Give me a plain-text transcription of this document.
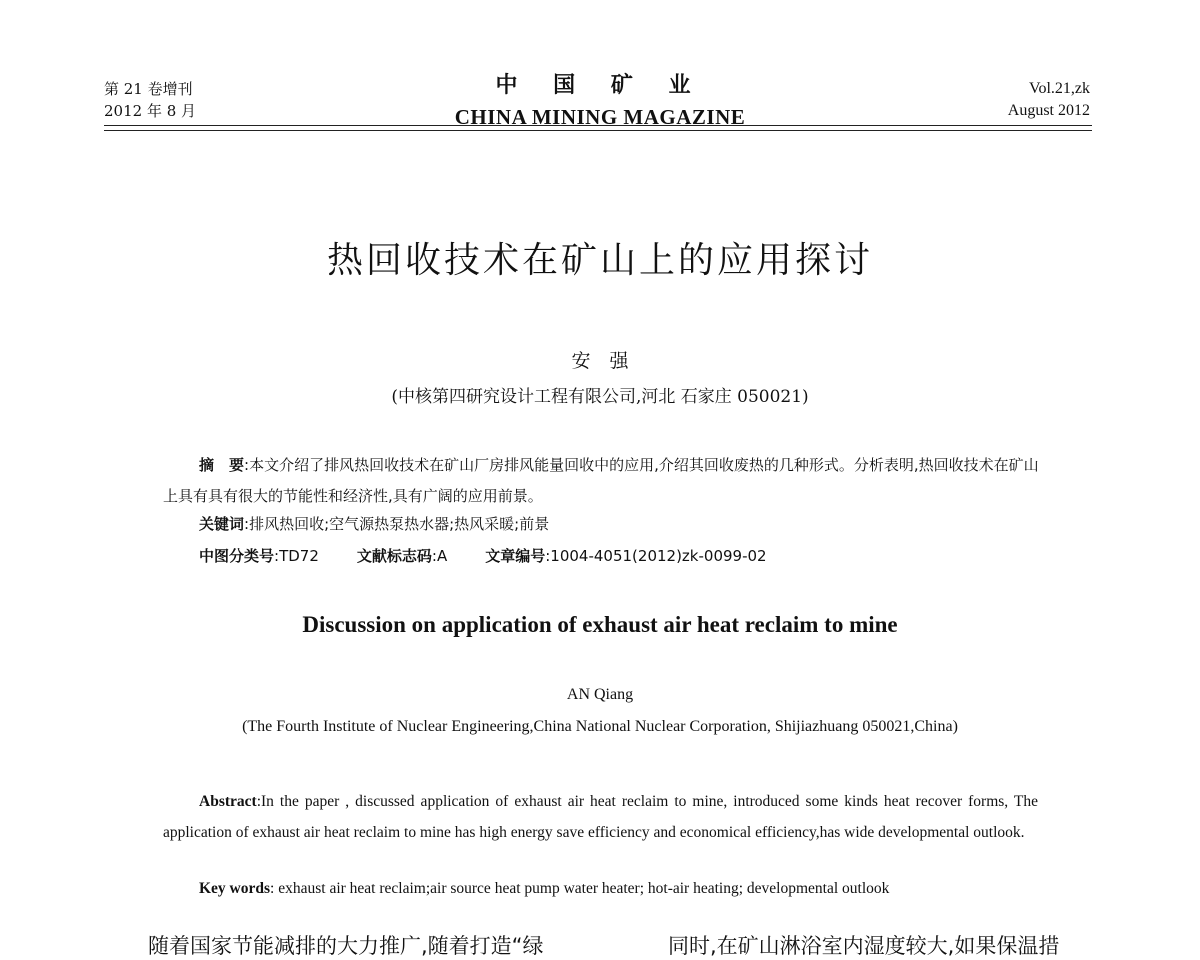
第 21 卷增刊
2012 年 8 月
中 国 矿 业
CHINA MINING MAGAZINE
Vol.21,zk
August 2012
热回收技术在矿山上的应用探讨
安　强
(中核第四研究设计工程有限公司,河北 石家庄 050021)
摘　要:本文介绍了排风热回收技术在矿山厂房排风能量回收中的应用,介绍其回收废热的几种形式。分析表明,热回收技术在矿山上具有具有很大的节能性和经济性,具有广阔的应用前景。
关键词:排风热回收;空气源热泵热水器;热风采暖;前景
中图分类号:TD72	文献标志码:A	文章编号:1004-4051(2012)zk-0099-02
Discussion on application of exhaust air heat reclaim to mine
AN Qiang
(The Fourth Institute of Nuclear Engineering,China National Nuclear Corporation, Shijiazhuang 050021,China)
Abstract:In the paper , discussed application of exhaust air heat reclaim to mine, introduced some kinds heat recover forms, The application of exhaust air heat reclaim to mine has high energy save efficiency and economical efficiency,has wide developmental outlook.
Key words: exhaust air heat reclaim;air source heat pump water heater; hot-air heating; developmental outlook
随着国家节能减排的大力推广,随着打造“绿	同时,在矿山淋浴室内湿度较大,如果保温措
